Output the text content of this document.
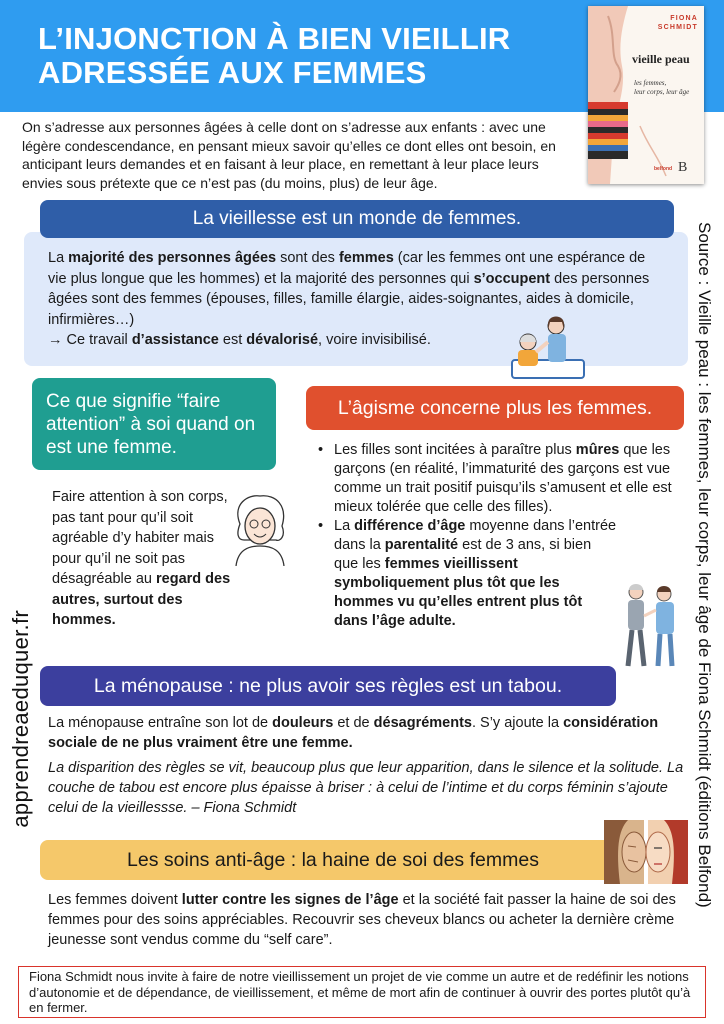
L’INJONCTION À BIEN VIEILLIR
ADRESSÉE AUX FEMMES
FIONA
SCHMIDT
vieille peau
les femmes,
leur corps, leur âge
belfond B
On s’adresse aux personnes âgées à celle dont on s’adresse aux enfants : avec une légère condescendance, en pensant mieux savoir qu’elles ce dont elles ont besoin, en anticipant leurs demandes et en faisant à leur place, en remettant à leur place leurs envies sous prétexte que ce n’est pas (du moins, plus) de leur âge.
Source : Vieille peau : les femmes, leur corps, leur âge de Fiona Schmidt (éditions Belfond)
apprendreaeduquer.fr

La majorité des personnes âgées sont des femmes (car les femmes ont une espérance de vie plus longue que les hommes) et la majorité des personnes qui s’occupent des personnes âgées sont des femmes (épouses, filles, famille élargie, aides-soignantes, aides à domicile, infirmières…)

→ Ce travail d’assistance est dévalorisé, voire invisibilisé.

La vieillesse est un monde de femmes.
Ce que signifie “faire attention” à soi quand on est une femme.
Faire attention à son corps, pas tant pour qu’il soit agréable d’y habiter mais pour qu’il ne soit pas désagréable au regard des autres, surtout des hommes.
L’âgisme concerne plus les femmes.
• Les filles sont incitées à paraître plus mûres que les garçons (en réalité, l’immaturité des garçons est vue comme un trait positif puisqu’ils s’amusent et elle est mieux tolérée que celle des filles).
• La différence d’âge moyenne dans l’entrée dans la parentalité est de 3 ans, si bien que les femmes vieillissent symboliquement plus tôt que les hommes vu qu’elles entrent plus tôt dans l’âge adulte.
La ménopause : ne plus avoir ses règles est un tabou.

La ménopause entraîne son lot de douleurs et de désagréments. S’y ajoute la considération sociale de ne plus vraiment être une femme.

La disparition des règles se vit, beaucoup plus que leur apparition, dans le silence et la solitude. La couche de tabou est encore plus épaisse à briser : à celui de l’intime et du corps féminin s’ajoute celui de la vieillessse. – Fiona Schmidt

Les soins anti-âge : la haine de soi des femmes
Les femmes doivent lutter contre les signes de l’âge et la société fait passer la haine de soi des femmes pour des soins appréciables. Recouvrir ses cheveux blancs ou acheter la dernière crème jeunesse sont vendus comme du “self care”.
Fiona Schmidt nous invite à faire de notre vieillissement un projet de vie comme un autre et de redéfinir les notions d’autonomie et de dépendance, de vieillissement, et même de mort afin de continuer à ouvrir des portes plutôt qu’à en fermer.
